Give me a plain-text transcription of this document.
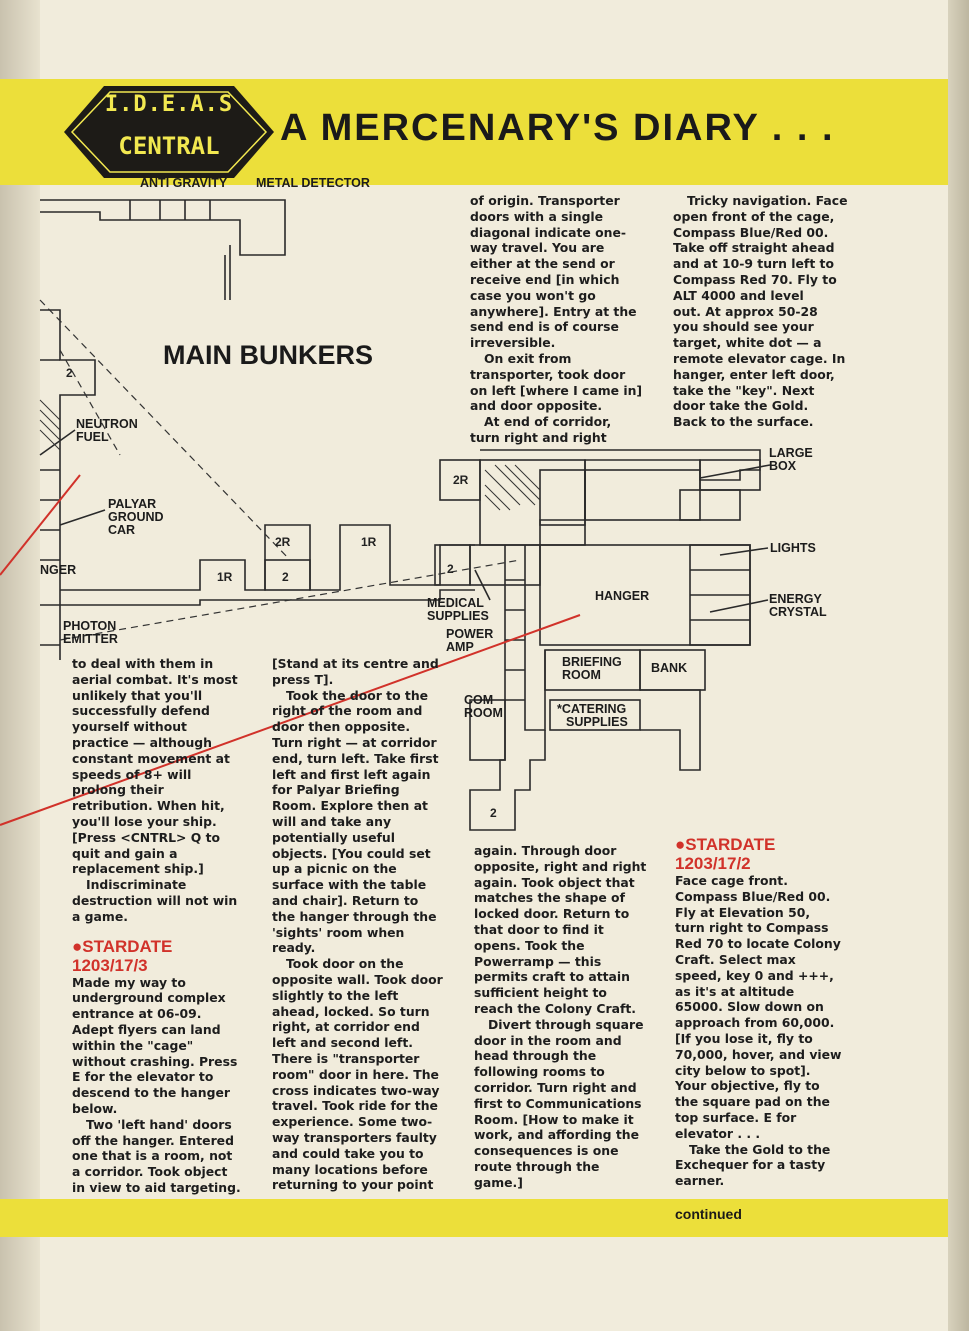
I.D.E.A.S
CENTRAL	A MERCENARY'S DIARY . . .
ANTI GRAVITY METAL DETECTOR
MAIN BUNKERS
NEUTRON
FUEL
PALYAR
GROUND
CAR
NGER
PHOTON
EMITTER
MEDICAL
SUPPLIES
POWER
AMP
COM
ROOM
HANGER
BRIEFING
ROOM	BANK
*CATERING
SUPPLIES
LARGE
BOX
LIGHTS
ENERGY
CRYSTAL
2
2R
1R
2R
2
1R
2
2

to deal with them in

aerial combat. It's most

unlikely that you'll

successfully defend

yourself without

practice — although

constant movement at

speeds of 8+ will

prolong their

retribution. When hit,

you'll lose your ship.

[Press <CNTRL> Q to

quit and gain a

replacement ship.]

Indiscriminate

destruction will not win

a game.

●STARDATE

1203/17/3

Made my way to

underground complex

entrance at 06-09.

Adept flyers can land

within the "cage"

without crashing. Press

E for the elevator to

descend to the hanger

below.

Two 'left hand' doors

off the hanger. Entered

one that is a room, not

a corridor. Took object

in view to aid targeting.

[Stand at its centre and

press T].

Took the door to the

right of the room and

door then opposite.

Turn right — at corridor

end, turn left. Take first

left and first left again

for Palyar Briefing

Room. Explore then at

will and take any

potentially useful

objects. [You could set

up a picnic on the

surface with the table

and chair]. Return to

the hanger through the

'sights' room when

ready.

Took door on the

opposite wall. Took door

slightly to the left

ahead, locked. So turn

right, at corridor end

left and second left.

There is "transporter

room" door in here. The

cross indicates two-way

travel. Took ride for the

experience. Some two-

way transporters faulty

and could take you to

many locations before

returning to your point

of origin. Transporter

doors with a single

diagonal indicate one-

way travel. You are

either at the send or

receive end [in which

case you won't go

anywhere]. Entry at the

send end is of course

irreversible.

On exit from

transporter, took door

on left [where I came in]

and door opposite.

At end of corridor,

turn right and right

again. Through door

opposite, right and right

again. Took object that

matches the shape of

locked door. Return to

that door to find it

opens. Took the

Powerramp — this

permits craft to attain

sufficient height to

reach the Colony Craft.

Divert through square

door in the room and

head through the

following rooms to

corridor. Turn right and

first to Communications

Room. [How to make it

work, and affording the

consequences is one

route through the

game.]

Tricky navigation. Face

open front of the cage,

Compass Blue/Red 00.

Take off straight ahead

and at 10-9 turn left to

Compass Red 70. Fly to

ALT 4000 and level

out. At approx 50-28

you should see your

target, white dot — a

remote elevator cage. In

hanger, enter left door,

take the "key". Next

door take the Gold.

Back to the surface.

●STARDATE

1203/17/2

Face cage front.

Compass Blue/Red 00.

Fly at Elevation 50,

turn right to Compass

Red 70 to locate Colony

Craft. Select max

speed, key 0 and +++,

as it's at altitude

65000. Slow down on

approach from 60,000.

[If you lose it, fly to

70,000, hover, and view

city below to spot].

Your objective, fly to

the square pad on the

top surface. E for

elevator . . .

Take the Gold to the

Exchequer for a tasty

earner.

continued
